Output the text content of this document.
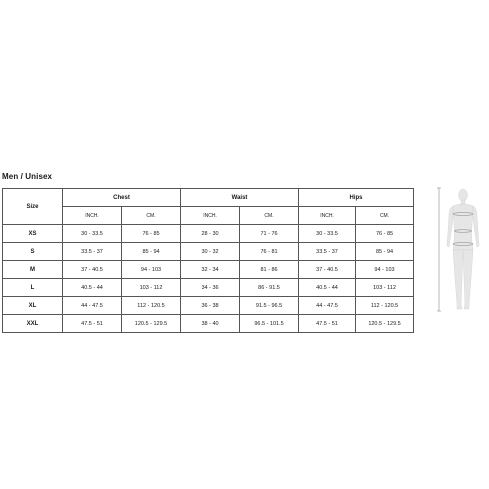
Men / Unisex
Size	Chest		Waist		Hips	
	INCH.	CM.	INCH.	CM.	INCH.	CM.
XS	30 - 33.5	76 - 85	28 - 30	71 - 76	30 - 33.5	76 - 85
S	33.5 - 37	85 - 94	30 - 32	76 - 81	33.5 - 37	85 - 94
M	37 - 40.5	94 - 103	32 - 34	81 - 86	37 - 40.5	94 - 103
L	40.5 - 44	103 - 112	34 - 36	86 - 91.5	40.5 - 44	103 - 112
XL	44 - 47.5	112 - 120.5	36 - 38	91.5 - 96.5	44 - 47.5	112 - 120.5
XXL	47.5 - 51	120.5 - 129.5	38 - 40	96.5 - 101.5	47.5 - 51	120.5 - 129.5
